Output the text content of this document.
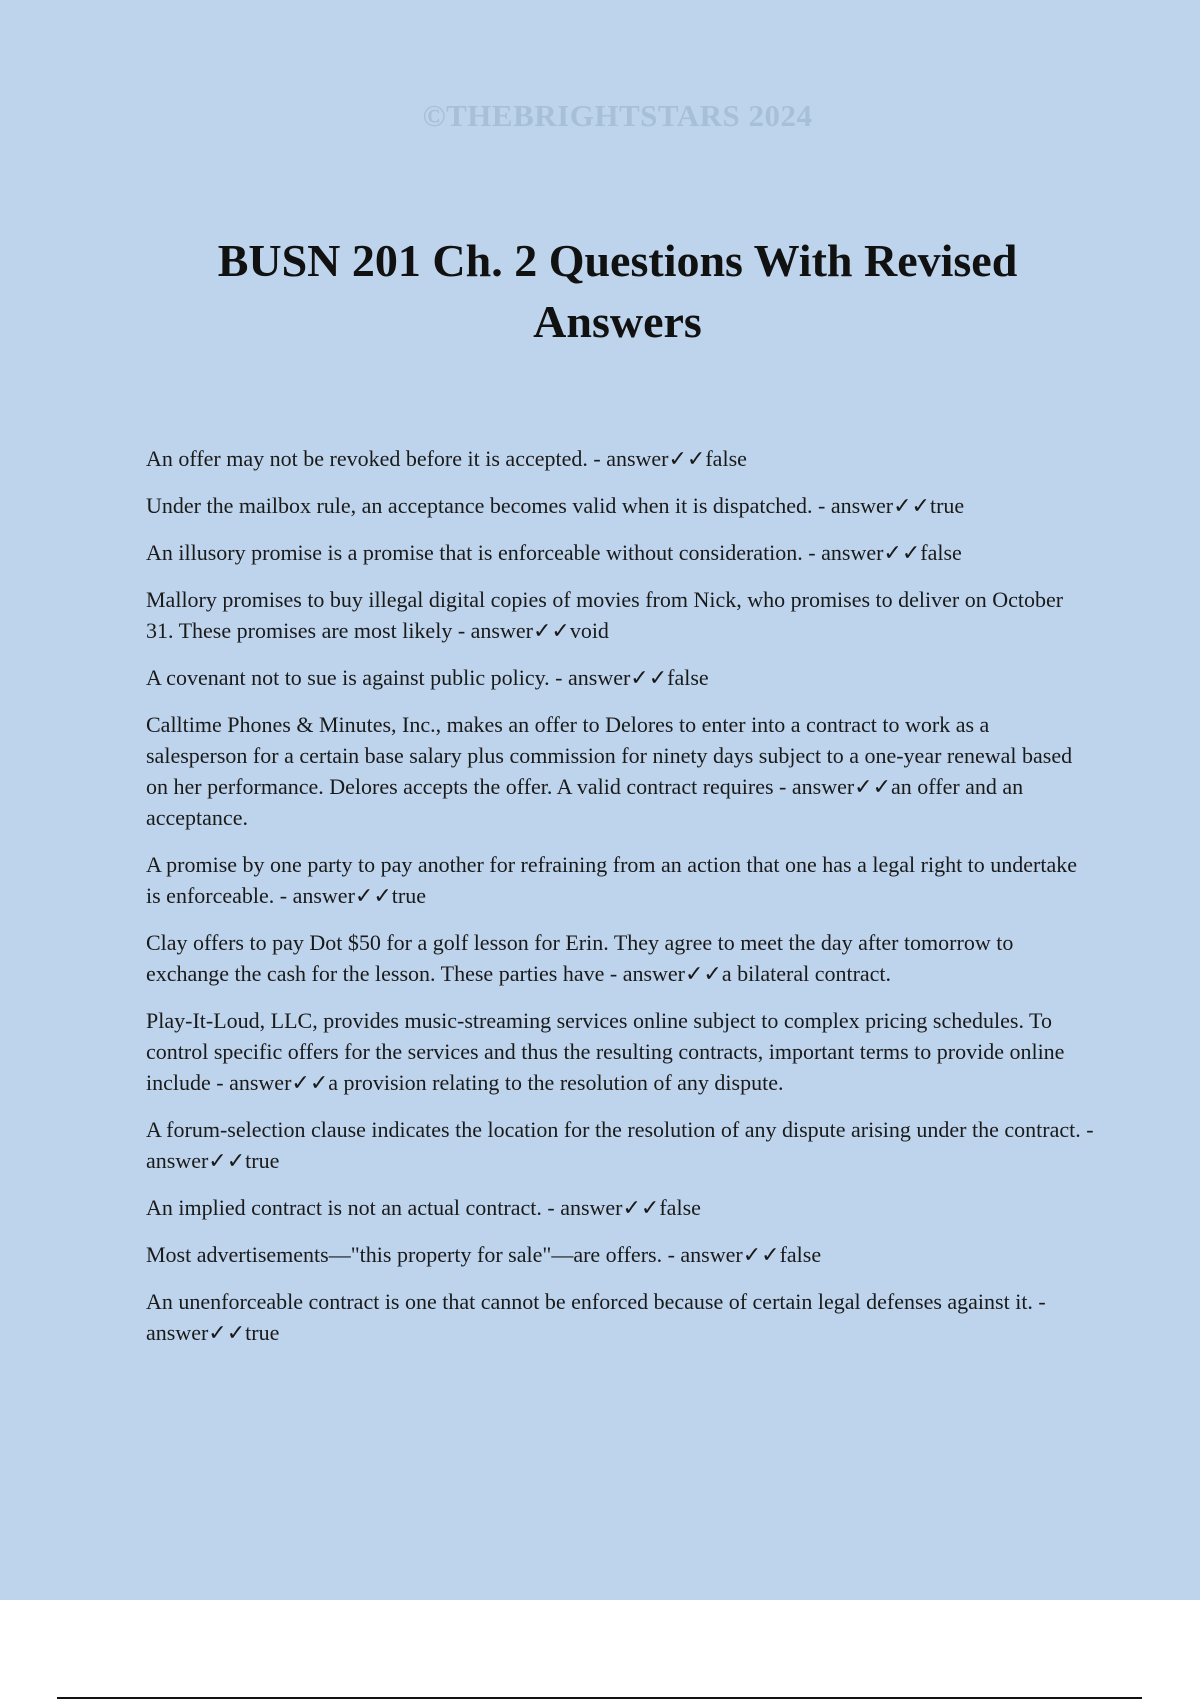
©THEBRIGHTSTARS 2024
BUSN 201 Ch. 2 Questions With Revised Answers
An offer may not be revoked before it is accepted. - answer✓✓false
Under the mailbox rule, an acceptance becomes valid when it is dispatched. - answer✓✓true
An illusory promise is a promise that is enforceable without consideration. - answer✓✓false
Mallory promises to buy illegal digital copies of movies from Nick, who promises to deliver on October 31. These promises are most likely - answer✓✓void
A covenant not to sue is against public policy. - answer✓✓false
Calltime Phones & Minutes, Inc., makes an offer to Delores to enter into a contract to work as a salesperson for a certain base salary plus commission for ninety days subject to a one-year renewal based on her performance. Delores accepts the offer. A valid contract requires - answer✓✓an offer and an acceptance.
A promise by one party to pay another for refraining from an action that one has a legal right to undertake is enforceable. - answer✓✓true
Clay offers to pay Dot $50 for a golf lesson for Erin. They agree to meet the day after tomorrow to exchange the cash for the lesson. These parties have - answer✓✓a bilateral contract.
Play-It-Loud, LLC, provides music-streaming services online subject to complex pricing schedules. To control specific offers for the services and thus the resulting contracts, important terms to provide online include - answer✓✓a provision relating to the resolution of any dispute.
A forum-selection clause indicates the location for the resolution of any dispute arising under the contract. - answer✓✓true
An implied contract is not an actual contract. - answer✓✓false
Most advertisements—"this property for sale"—are offers. - answer✓✓false
An unenforceable contract is one that cannot be enforced because of certain legal defenses against it. - answer✓✓true
